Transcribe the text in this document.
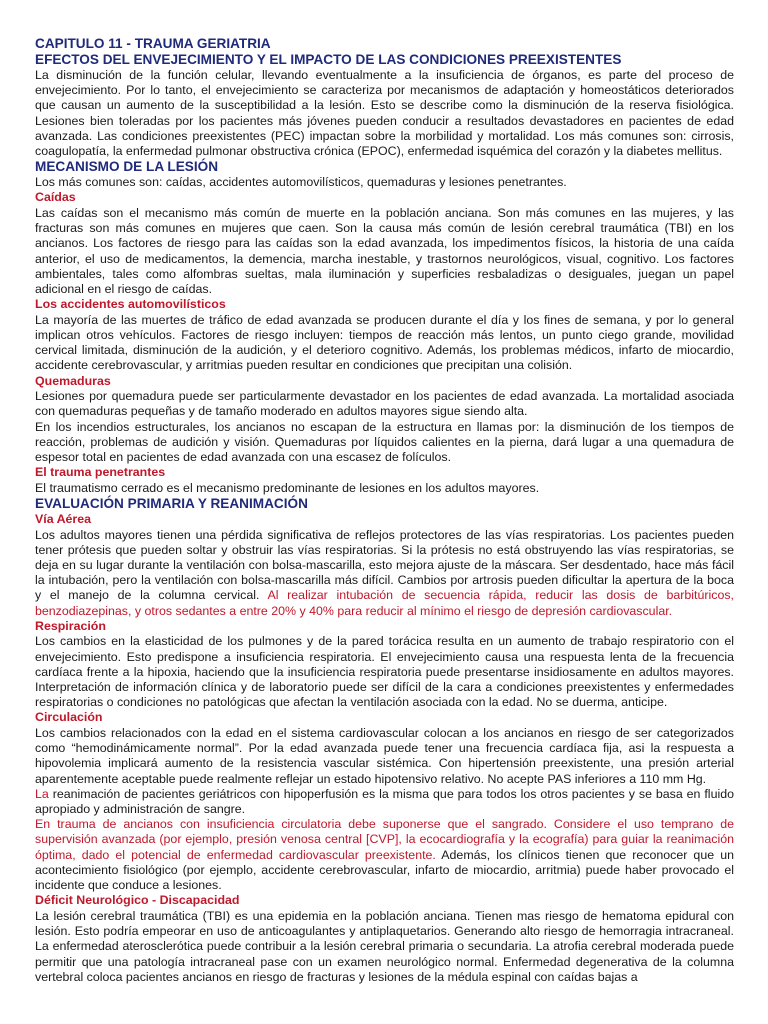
CAPITULO 11 - TRAUMA GERIATRIA
EFECTOS DEL ENVEJECIMIENTO Y EL IMPACTO DE LAS CONDICIONES PREEXISTENTES

La disminución de la función celular, llevando eventualmente a la insuficiencia de órganos, es parte del proceso de envejecimiento. Por lo tanto, el envejecimiento se caracteriza por mecanismos de adaptación y homeostáticos deteriorados que causan un aumento de la susceptibilidad a la lesión. Esto se describe como la disminución de la reserva fisiológica. Lesiones bien toleradas por los pacientes más jóvenes pueden conducir a resultados devastadores en pacientes de edad avanzada. Las condiciones preexistentes (PEC) impactan sobre la morbilidad y mortalidad. Los más comunes son: cirrosis, coagulopatía, la enfermedad pulmonar obstructiva crónica (EPOC), enfermedad isquémica del corazón y la diabetes mellitus.

MECANISMO DE LA LESIÓN

Los más comunes son: caídas, accidentes automovilísticos, quemaduras y lesiones penetrantes.

Caídas

Las caídas son el mecanismo más común de muerte en la población anciana. Son más comunes en las mujeres, y las fracturas son más comunes en mujeres que caen. Son la causa más común de lesión cerebral traumática (TBI) en los ancianos. Los factores de riesgo para las caídas son la edad avanzada, los impedimentos físicos, la historia de una caída anterior, el uso de medicamentos, la demencia, marcha inestable, y trastornos neurológicos, visual, cognitivo. Los factores ambientales, tales como alfombras sueltas, mala iluminación y superficies resbaladizas o desiguales, juegan un papel adicional en el riesgo de caídas.

Los accidentes automovilísticos

La mayoría de las muertes de tráfico de edad avanzada se producen durante el día y los fines de semana, y por lo general implican otros vehículos. Factores de riesgo incluyen: tiempos de reacción más lentos, un punto ciego grande, movilidad cervical limitada, disminución de la audición, y el deterioro cognitivo. Además, los problemas médicos, infarto de miocardio, accidente cerebrovascular, y arritmias pueden resultar en condiciones que precipitan una colisión.

Quemaduras

Lesiones por quemadura puede ser particularmente devastador en los pacientes de edad avanzada. La mortalidad asociada con quemaduras pequeñas y de tamaño moderado en adultos mayores sigue siendo alta.

En los incendios estructurales, los ancianos no escapan de la estructura en llamas por: la disminución de los tiempos de reacción, problemas de audición y visión. Quemaduras por líquidos calientes en la pierna, dará lugar a una quemadura de espesor total en pacientes de edad avanzada con una escasez de folículos.

El trauma penetrantes

El traumatismo cerrado es el mecanismo predominante de lesiones en los adultos mayores.

EVALUACIÓN PRIMARIA Y REANIMACIÓN
Vía Aérea

Los adultos mayores tienen una pérdida significativa de reflejos protectores de las vías respiratorias. Los pacientes pueden tener prótesis que pueden soltar y obstruir las vías respiratorias. Si la prótesis no está obstruyendo las vías respiratorias, se deja en su lugar durante la ventilación con bolsa-mascarilla, esto mejora ajuste de la máscara. Ser desdentado, hace más fácil la intubación, pero la ventilación con bolsa-mascarilla más difícil. Cambios por artrosis pueden dificultar la apertura de la boca y el manejo de la columna cervical. Al realizar intubación de secuencia rápida, reducir las dosis de barbitúricos, benzodiazepinas, y otros sedantes a entre 20% y 40% para reducir al mínimo el riesgo de depresión cardiovascular.

Respiración

Los cambios en la elasticidad de los pulmones y de la pared torácica resulta en un aumento de trabajo respiratorio con el envejecimiento. Esto predispone a insuficiencia respiratoria. El envejecimiento causa una respuesta lenta de la frecuencia cardíaca frente a la hipoxia, haciendo que la insuficiencia respiratoria puede presentarse insidiosamente en adultos mayores. Interpretación de información clínica y de laboratorio puede ser difícil de la cara a condiciones preexistentes y enfermedades respiratorias o condiciones no patológicas que afectan la ventilación asociada con la edad. No se duerma, anticipe.

Circulación

Los cambios relacionados con la edad en el sistema cardiovascular colocan a los ancianos en riesgo de ser categorizados como “hemodinámicamente normal”. Por la edad avanzada puede tener una frecuencia cardíaca fija, asi la respuesta a hipovolemia implicará aumento de la resistencia vascular sistémica. Con hipertensión preexistente, una presión arterial aparentemente aceptable puede realmente reflejar un estado hipotensivo relativo. No acepte PAS inferiores a 110 mm Hg.

La reanimación de pacientes geriátricos con hipoperfusión es la misma que para todos los otros pacientes y se basa en fluido apropiado y administración de sangre.

En trauma de ancianos con insuficiencia circulatoria debe suponerse que el sangrado. Considere el uso temprano de supervisión avanzada (por ejemplo, presión venosa central [CVP], la ecocardiografía y la ecografía) para guiar la reanimación óptima, dado el potencial de enfermedad cardiovascular preexistente. Además, los clínicos tienen que reconocer que un acontecimiento fisiológico (por ejemplo, accidente cerebrovascular, infarto de miocardio, arritmia) puede haber provocado el incidente que conduce a lesiones.

Déficit Neurológico - Discapacidad

La lesión cerebral traumática (TBI) es una epidemia en la población anciana. Tienen mas riesgo de hematoma epidural con lesión. Esto podría empeorar en uso de anticoagulantes y antiplaquetarios. Generando alto riesgo de hemorragia intracraneal. La enfermedad aterosclerótica puede contribuir a la lesión cerebral primaria o secundaria. La atrofia cerebral moderada puede permitir que una patología intracraneal pase con un examen neurológico normal. Enfermedad degenerativa de la columna vertebral coloca pacientes ancianos en riesgo de fracturas y lesiones de la médula espinal con caídas bajas a
